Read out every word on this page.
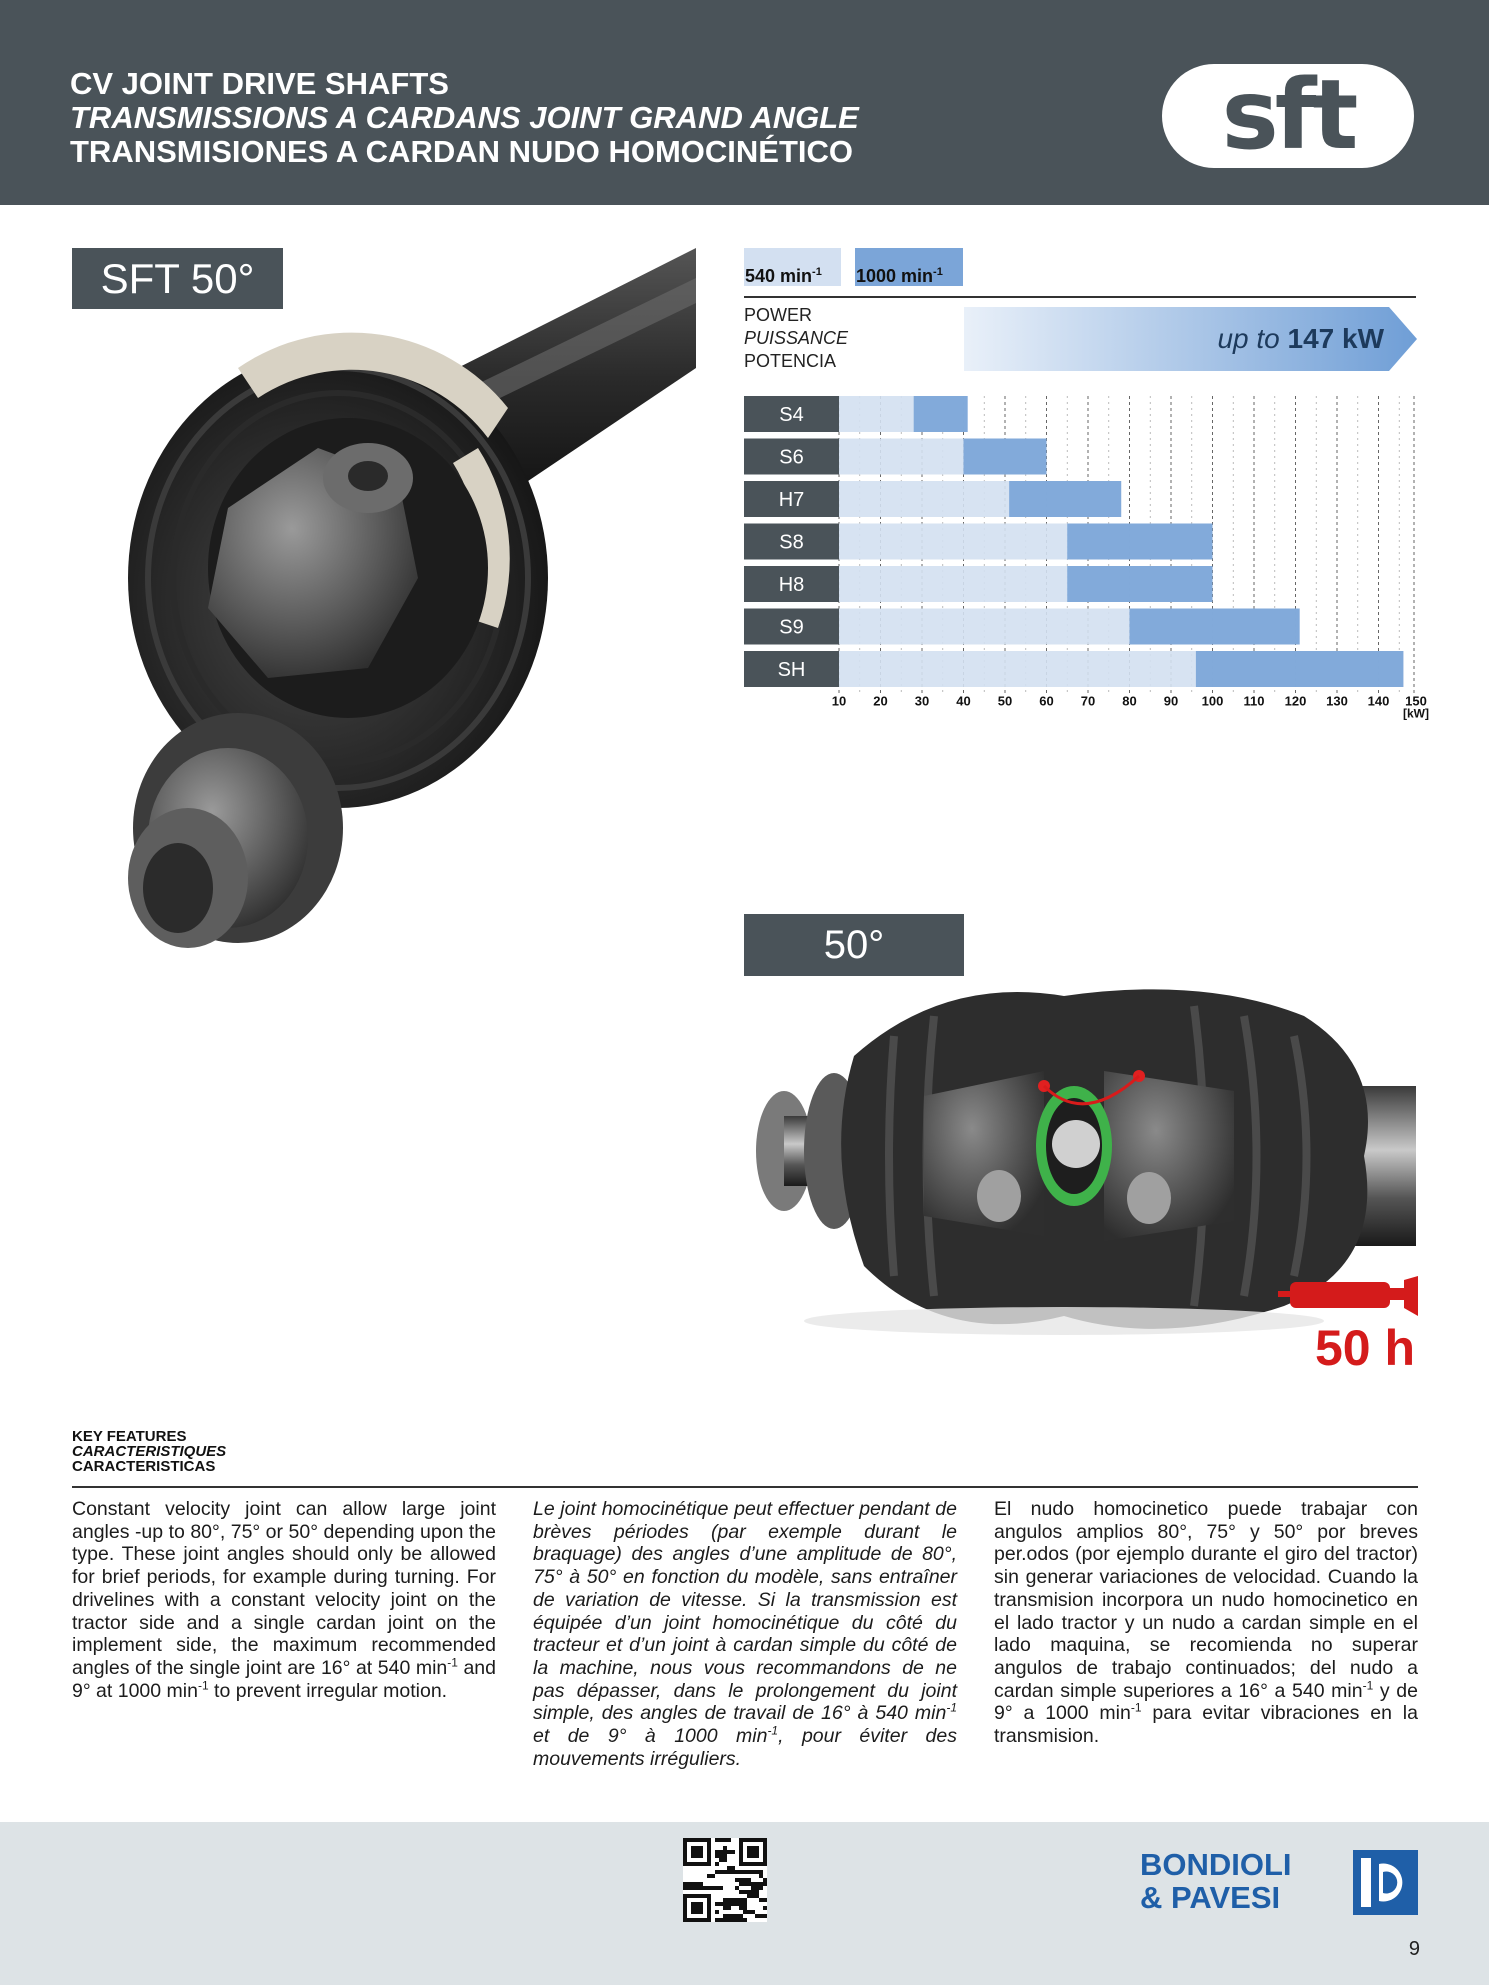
CV JOINT DRIVE SHAFTS
TRANSMISSIONS A CARDANS JOINT GRAND ANGLE
TRANSMISIONES A CARDAN NUDO HOMOCINÉTICO	sft
SFT 50°	540 $\min^{-1} 1000$ $\min^{-1}$
POWER
PUISSANCE
POTENCIA
up to 147 kW
S4
S6
H7
S8
H8
S9
SH
10 20 30 40 50 60 70 80 90 100 110 120 130 140 150
[kW]
50°
50 h
KEY FEATURES
CARACTERISTIQUES
CARACTERISTICAS
Constant velocity joint can allow large joint angles -up to 80°, 75° or 50° depending upon the type. These joint angles should only be allowed for brief periods, for example during turning. For drivelines with a constant velocity joint on the tractor side and a single cardan joint on the implement side, the maximum recommended angles of the single joint are 16° at 540 $\min^{-1}$ and 9° at 1000 $\min^{-1}$ to prevent irregular motion.
Le joint homocinétique peut effectuer pendant de brèves périodes (par exemple durant le braquage) des angles d’une amplitude de 80°, 75° à 50° en fonction du modèle, sans entraîner de variation de vitesse. Si la transmission est équipée d’un joint homocinétique du côté du tracteur et d’un joint à cardan simple du côté de la machine, nous vous recommandons de ne pas dépasser, dans le prolongement du joint simple, des angles de travail de 16° à 540 $\min^{-1}$ et de 9° à 1000 $\min^{-1}$, pour éviter des mouvements irréguliers.
El nudo homocinetico puede trabajar con angulos amplios 80°, 75° y 50° por breves per.odos (por ejemplo durante el giro del tractor) sin generar variaciones de velocidad. Cuando la transmision incorpora un nudo homocinetico en el lado tractor y un nudo a cardan simple en el lado maquina, se recomienda no superar angulos de trabajo continuados; del nudo a cardan simple superiores a 16° a 540 $\min^{-1} y$ de 9° a 1000 $\min^{-1}$ para evitar vibraciones en la transmision.
BONDIOLI
& PAVESI
9
